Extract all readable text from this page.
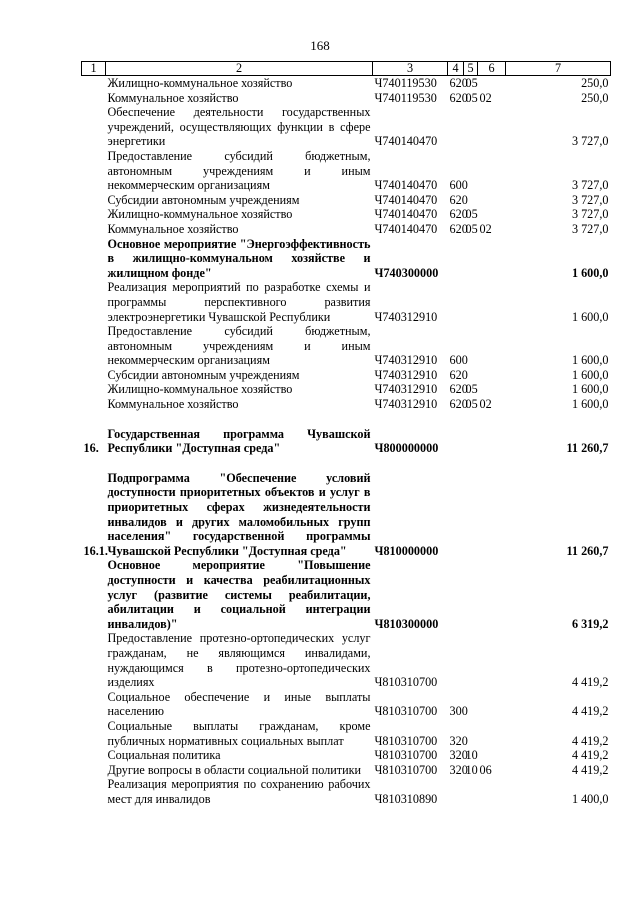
168
1	2	3	4	5	6	7
	Жилищно-коммунальное хозяйство	Ч740119530	620	05		250,0
	Коммунальное хозяйство	Ч740119530	620	05	02	250,0
	Обеспечение деятельности государственных учреждений, осуществляющих функции в сфере энергетики	Ч740140470				3 727,0
	Предоставление субсидий бюджетным, автономным учреждениям и иным некоммерческим организациям	Ч740140470	600			3 727,0
	Субсидии автономным учреждениям	Ч740140470	620			3 727,0
	Жилищно-коммунальное хозяйство	Ч740140470	620	05		3 727,0
	Коммунальное хозяйство	Ч740140470	620	05	02	3 727,0
	Основное мероприятие "Энергоэффективность в жилищно-коммунальном хозяйстве и жилищном фонде"	Ч740300000				1 600,0
	Реализация мероприятий по разработке схемы и программы перспективного развития электроэнергетики Чувашской Республики	Ч740312910				1 600,0
	Предоставление субсидий бюджетным, автономным учреждениям и иным некоммерческим организациям	Ч740312910	600			1 600,0
	Субсидии автономным учреждениям	Ч740312910	620			1 600,0
	Жилищно-коммунальное хозяйство	Ч740312910	620	05		1 600,0
	Коммунальное хозяйство	Ч740312910	620	05	02	1 600,0

16.	Государственная программа Чувашской Республики "Доступная среда"	Ч800000000				11 260,7

16.1.	Подпрограмма "Обеспечение условий доступности приоритетных объектов и услуг в приоритетных сферах жизнедеятельности инвалидов и других маломобильных групп населения" государственной программы Чувашской Республики "Доступная среда"	Ч810000000				11 260,7
	Основное мероприятие "Повышение доступности и качества реабилитационных услуг (развитие системы реабилитации, абилитации и социальной интеграции инвалидов)"	Ч810300000				6 319,2
	Предоставление протезно-ортопедических услуг гражданам, не являющимся инвалидами, нуждающимся в протезно-ортопедических изделиях	Ч810310700				4 419,2
	Социальное обеспечение и иные выплаты населению	Ч810310700	300			4 419,2
	Социальные выплаты гражданам, кроме публичных нормативных социальных выплат	Ч810310700	320			4 419,2
	Социальная политика	Ч810310700	320	10		4 419,2
	Другие вопросы в области социальной политики	Ч810310700	320	10	06	4 419,2
	Реализация мероприятия по сохранению рабочих мест для инвалидов	Ч810310890				1 400,0
